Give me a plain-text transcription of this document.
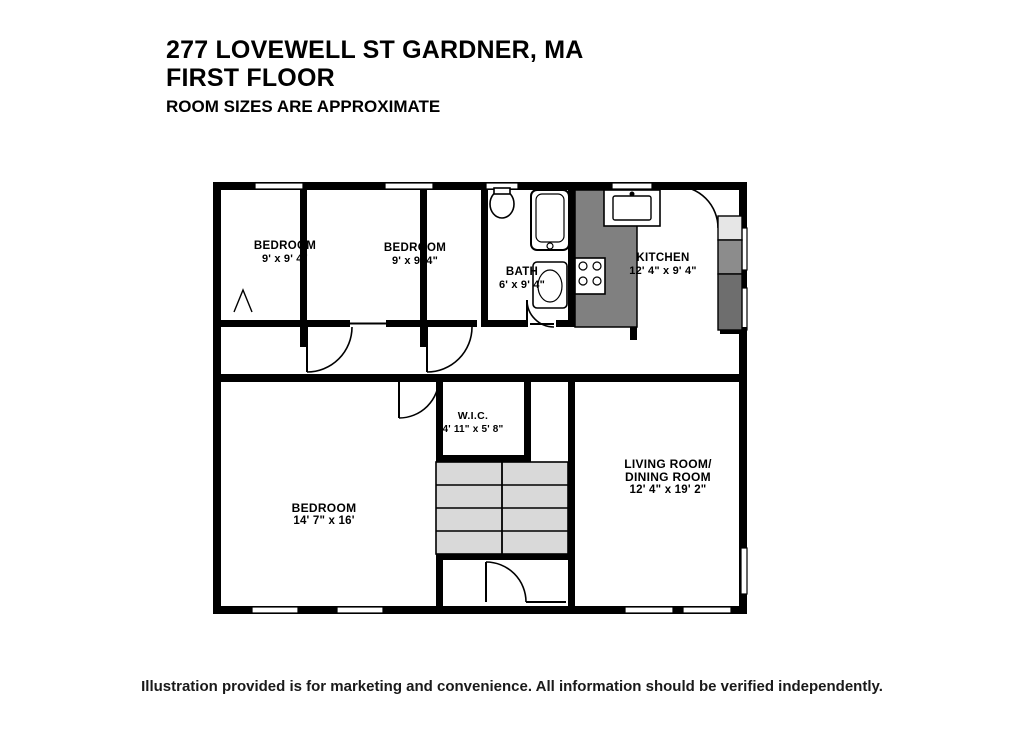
277 LOVEWELL ST GARDNER, MA
FIRST FLOOR
ROOM SIZES ARE APPROXIMATE
BEDROOM
9' x 9' 4"
BEDROOM
9' x 9' 4"
BATH
6' x 9' 4"
KITCHEN
12' 4" x 9' 4"
W.I.C.
4' 11" x 5' 8"
BEDROOM
14' 7" x 16'
LIVING ROOM/
DINING ROOM
12' 4" x 19' 2"
Illustration provided is for marketing and convenience. All information should be verified independently.
